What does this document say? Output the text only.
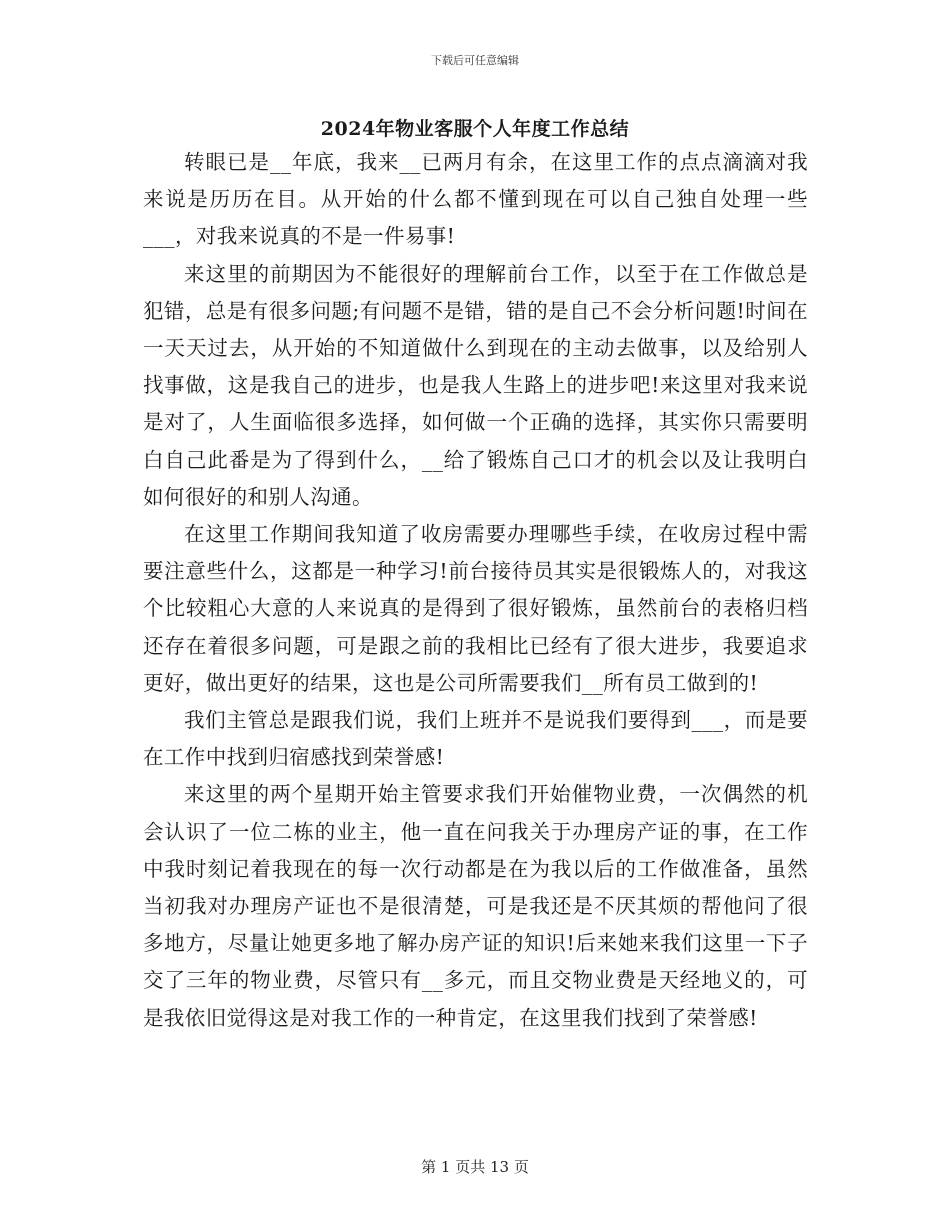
下载后可任意编辑
2024年物业客服个人年度工作总结

转眼已是__年底，我来__已两月有余，在这里工作的点点滴滴对我来说是历历在目。从开始的什么都不懂到现在可以自己独自处理一些___，对我来说真的不是一件易事!

来这里的前期因为不能很好的理解前台工作，以至于在工作做总是犯错，总是有很多问题;有问题不是错，错的是自己不会分析问题!时间在一天天过去，从开始的不知道做什么到现在的主动去做事，以及给别人找事做，这是我自己的进步，也是我人生路上的进步吧!来这里对我来说是对了，人生面临很多选择，如何做一个正确的选择，其实你只需要明白自己此番是为了得到什么，__给了锻炼自己口才的机会以及让我明白如何很好的和别人沟通。

在这里工作期间我知道了收房需要办理哪些手续，在收房过程中需要注意些什么，这都是一种学习!前台接待员其实是很锻炼人的，对我这个比较粗心大意的人来说真的是得到了很好锻炼，虽然前台的表格归档还存在着很多问题，可是跟之前的我相比已经有了很大进步，我要追求更好，做出更好的结果，这也是公司所需要我们__所有员工做到的!

我们主管总是跟我们说，我们上班并不是说我们要得到___，而是要在工作中找到归宿感找到荣誉感!

来这里的两个星期开始主管要求我们开始催物业费，一次偶然的机会认识了一位二栋的业主，他一直在问我关于办理房产证的事，在工作中我时刻记着我现在的每一次行动都是在为我以后的工作做准备，虽然当初我对办理房产证也不是很清楚，可是我还是不厌其烦的帮他问了很多地方，尽量让她更多地了解办房产证的知识!后来她来我们这里一下子交了三年的物业费，尽管只有__多元，而且交物业费是天经地义的，可是我依旧觉得这是对我工作的一种肯定，在这里我们找到了荣誉感!

第 1 页共 13 页
